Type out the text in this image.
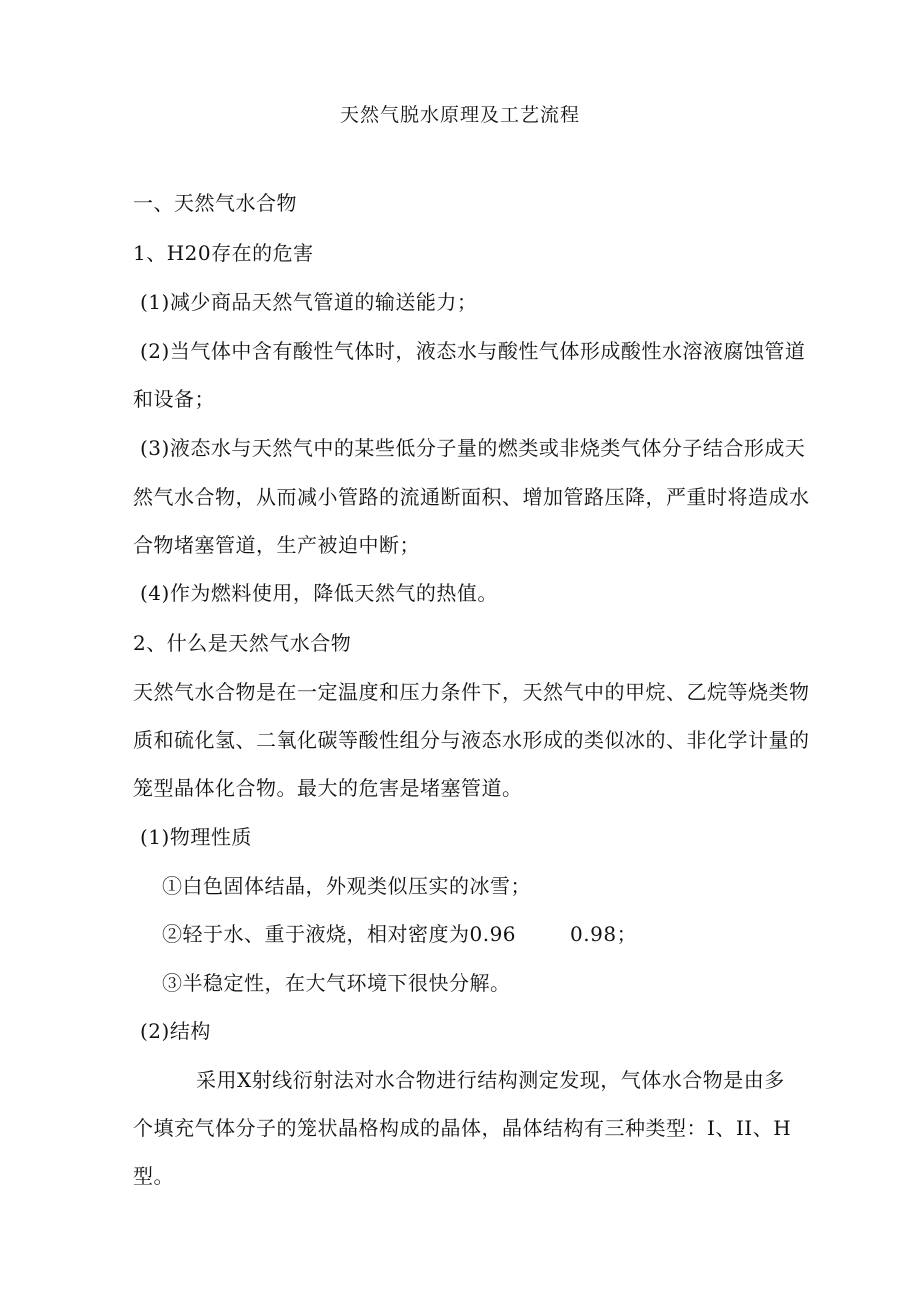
天然气脱水原理及工艺流程
一、天然气水合物
1、H20存在的危害
(1)减少商品天然气管道的输送能力；
(2)当气体中含有酸性气体时，液态水与酸性气体形成酸性水溶液腐蚀管道
和设备；
(3)液态水与天然气中的某些低分子量的燃类或非烧类气体分子结合形成天
然气水合物，从而减小管路的流通断面积、增加管路压降，严重时将造成水
合物堵塞管道，生产被迫中断；
(4)作为燃料使用，降低天然气的热值。
2、什么是天然气水合物
天然气水合物是在一定温度和压力条件下，天然气中的甲烷、乙烷等烧类物
质和硫化氢、二氧化碳等酸性组分与液态水形成的类似冰的、非化学计量的
笼型晶体化合物。最大的危害是堵塞管道。
(1)物理性质
①白色固体结晶，外观类似压实的冰雪；
②轻于水、重于液烧，相对密度为0.96	0.98；
③半稳定性，在大气环境下很快分解。
(2)结构
采用X射线衍射法对水合物进行结构测定发现，气体水合物是由多
个填充气体分子的笼状晶格构成的晶体，晶体结构有三种类型：I、II、H
型。
